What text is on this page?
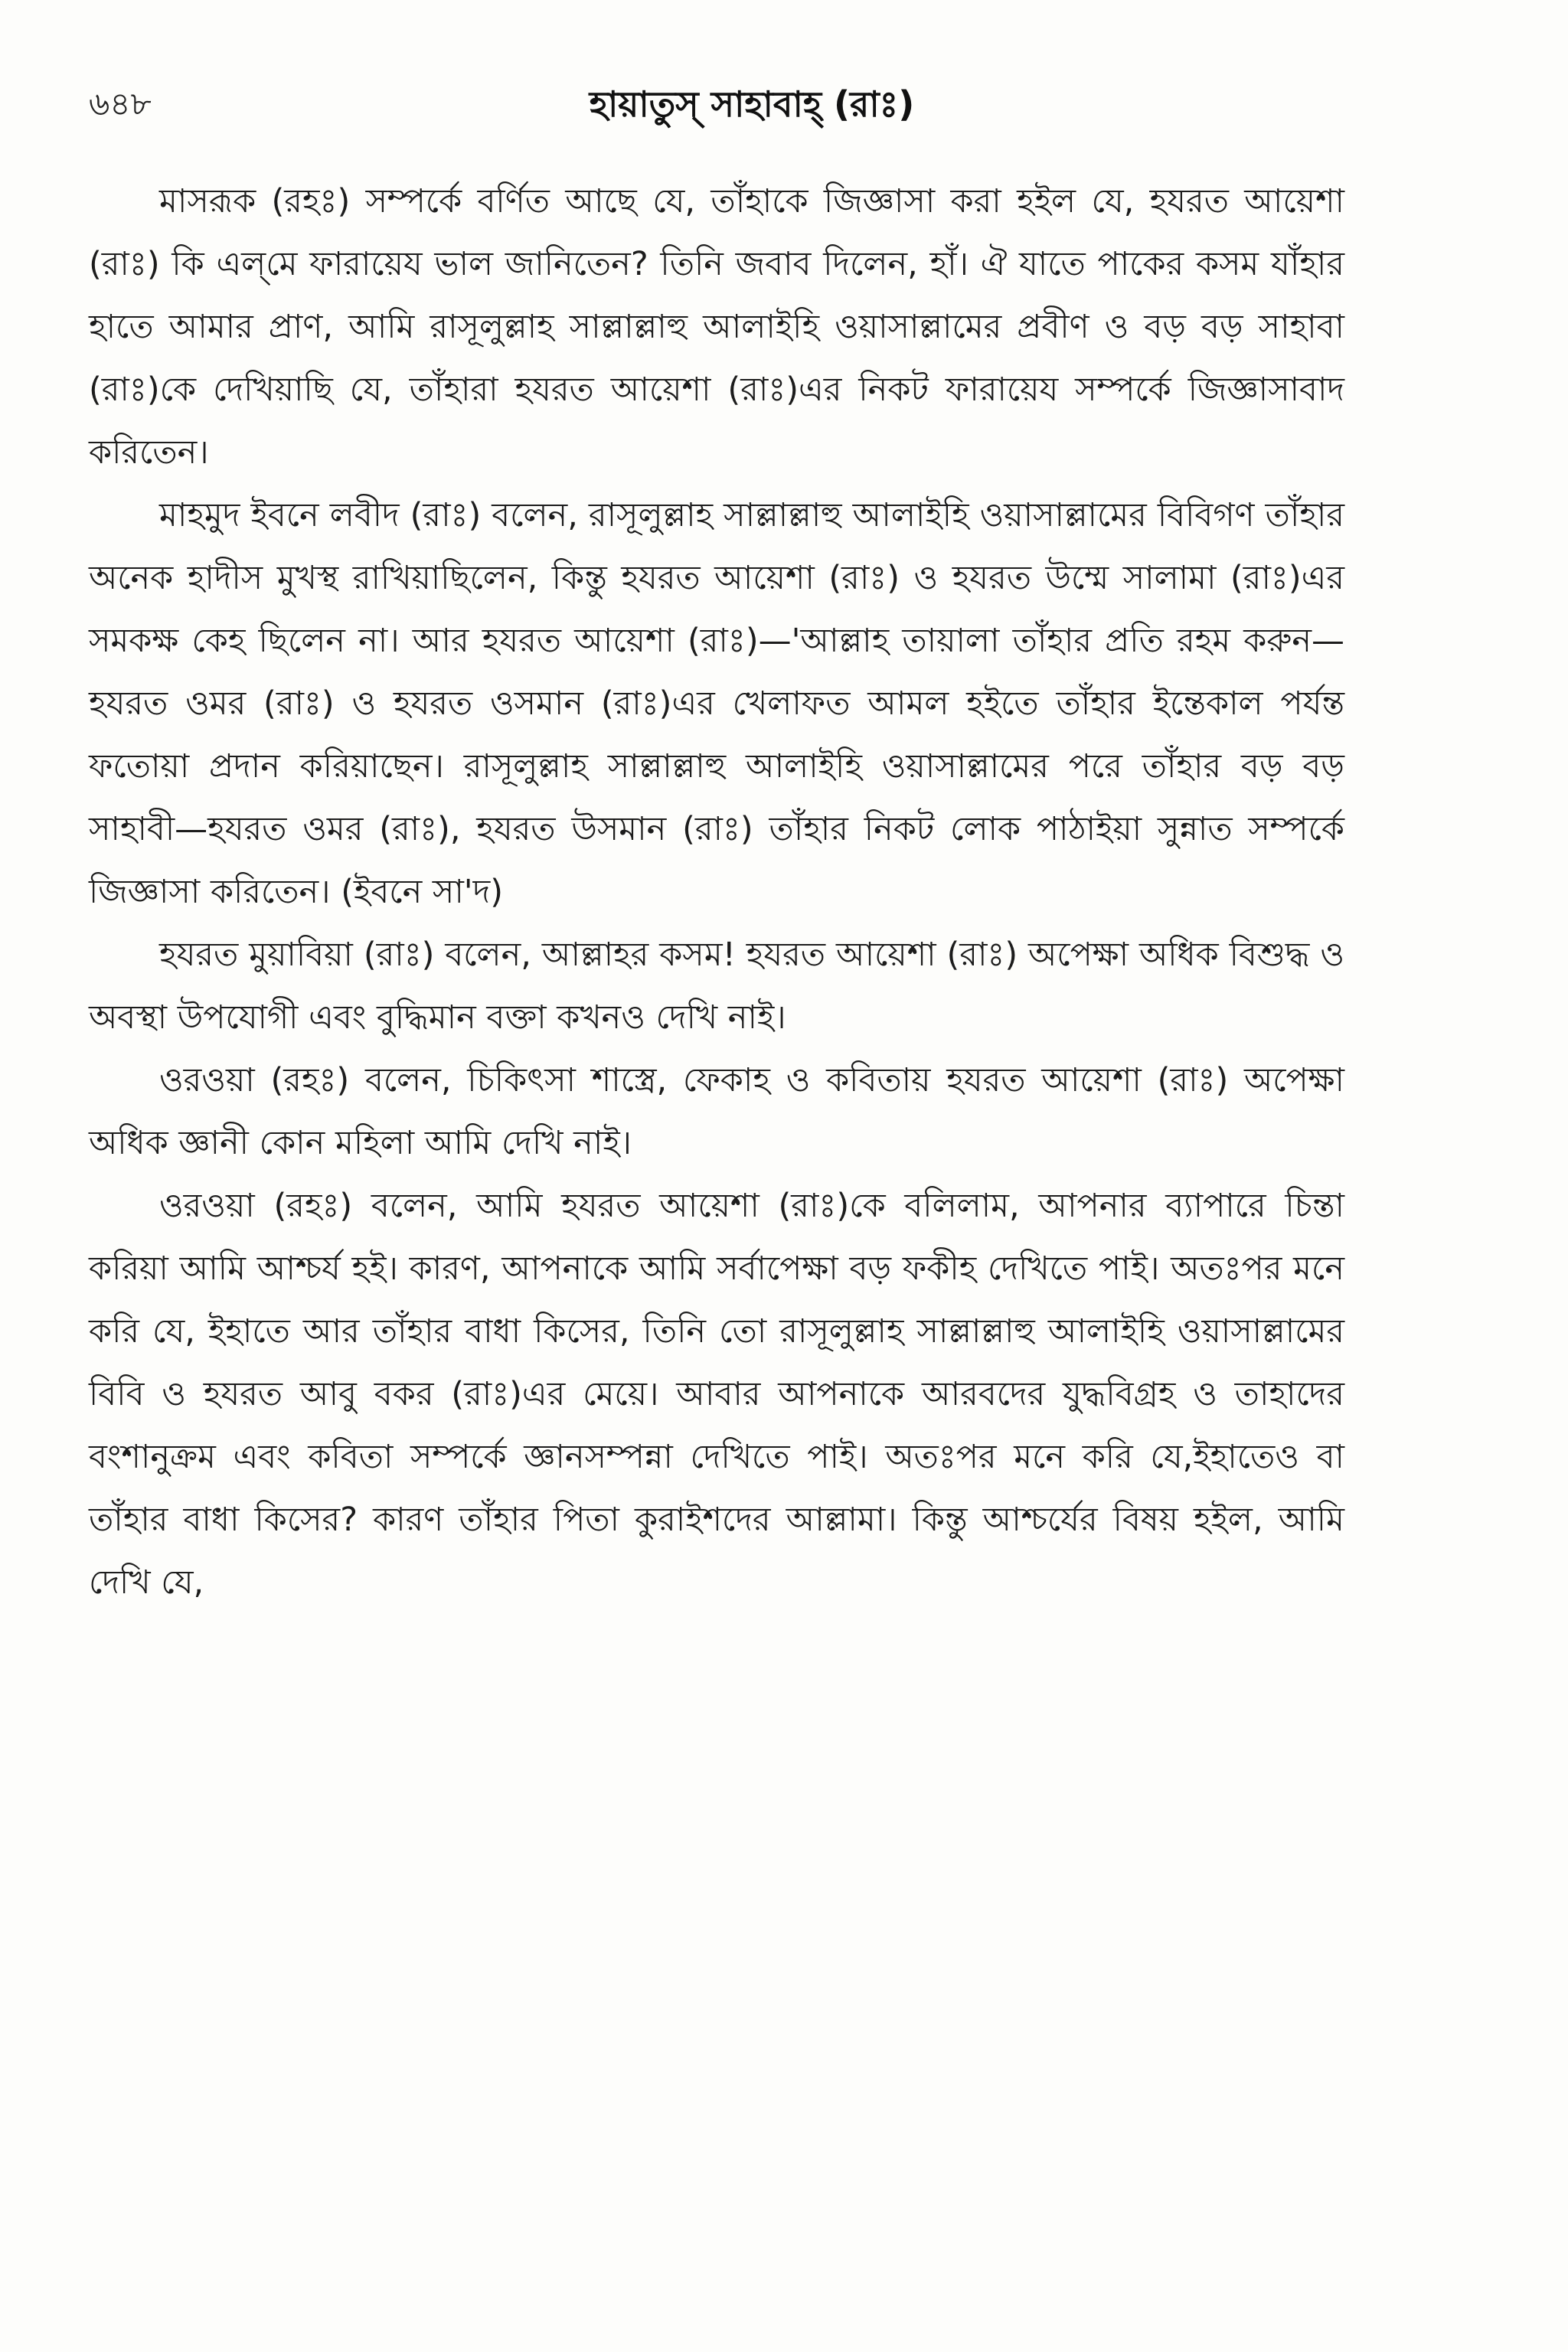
৬৪৮	হায়াতুস্ সাহাবাহ্ (রাঃ)

মাসরূক (রহঃ) সম্পর্কে বর্ণিত আছে যে, তাঁহাকে জিজ্ঞাসা করা হইল যে, হযরত আয়েশা (রাঃ) কি এল্‌মে ফারায়েয ভাল জানিতেন? তিনি জবাব দিলেন, হাঁ। ঐ যাতে পাকের কসম যাঁহার হাতে আমার প্রাণ, আমি রাসূলুল্লাহ সাল্লাল্লাহু আলাইহি ওয়াসাল্লামের প্রবীণ ও বড় বড় সাহাবা (রাঃ)কে দেখিয়াছি যে, তাঁহারা হযরত আয়েশা (রাঃ)এর নিকট ফারায়েয সম্পর্কে জিজ্ঞাসাবাদ করিতেন।

মাহমুদ ইবনে লবীদ (রাঃ) বলেন, রাসূলুল্লাহ সাল্লাল্লাহু আলাইহি ওয়াসাল্লামের বিবিগণ তাঁহার অনেক হাদীস মুখস্থ রাখিয়াছিলেন, কিন্তু হযরত আয়েশা (রাঃ) ও হযরত উম্মে সালামা (রাঃ)এর সমকক্ষ কেহ ছিলেন না। আর হযরত আয়েশা (রাঃ)—'আল্লাহ তায়ালা তাঁহার প্রতি রহম করুন—হযরত ওমর (রাঃ) ও হযরত ওসমান (রাঃ)এর খেলাফত আমল হইতে তাঁহার ইন্তেকাল পর্যন্ত ফতোয়া প্রদান করিয়াছেন। রাসূলুল্লাহ সাল্লাল্লাহু আলাইহি ওয়াসাল্লামের পরে তাঁহার বড় বড় সাহাবী—হযরত ওমর (রাঃ), হযরত উসমান (রাঃ) তাঁহার নিকট লোক পাঠাইয়া সুন্নাত সম্পর্কে জিজ্ঞাসা করিতেন। (ইবনে সা'দ)

হযরত মুয়াবিয়া (রাঃ) বলেন, আল্লাহর কসম! হযরত আয়েশা (রাঃ) অপেক্ষা অধিক বিশুদ্ধ ও অবস্থা উপযোগী এবং বুদ্ধিমান বক্তা কখনও দেখি নাই।

ওরওয়া (রহঃ) বলেন, চিকিৎসা শাস্ত্রে, ফেকাহ ও কবিতায় হযরত আয়েশা (রাঃ) অপেক্ষা অধিক জ্ঞানী কোন মহিলা আমি দেখি নাই।

ওরওয়া (রহঃ) বলেন, আমি হযরত আয়েশা (রাঃ)কে বলিলাম, আপনার ব্যাপারে চিন্তা করিয়া আমি আশ্চর্য হই। কারণ, আপনাকে আমি সর্বাপেক্ষা বড় ফকীহ দেখিতে পাই। অতঃপর মনে করি যে, ইহাতে আর তাঁহার বাধা কিসের, তিনি তো রাসূলুল্লাহ সাল্লাল্লাহু আলাইহি ওয়াসাল্লামের বিবি ও হযরত আবু বকর (রাঃ)এর মেয়ে। আবার আপনাকে আরবদের যুদ্ধবিগ্রহ ও তাহাদের বংশানুক্রম এবং কবিতা সম্পর্কে জ্ঞানসম্পন্না দেখিতে পাই। অতঃপর মনে করি যে,ইহাতেও বা তাঁহার বাধা কিসের? কারণ তাঁহার পিতা কুরাইশদের আল্লামা। কিন্তু আশ্চর্যের বিষয় হইল, আমি দেখি যে,
